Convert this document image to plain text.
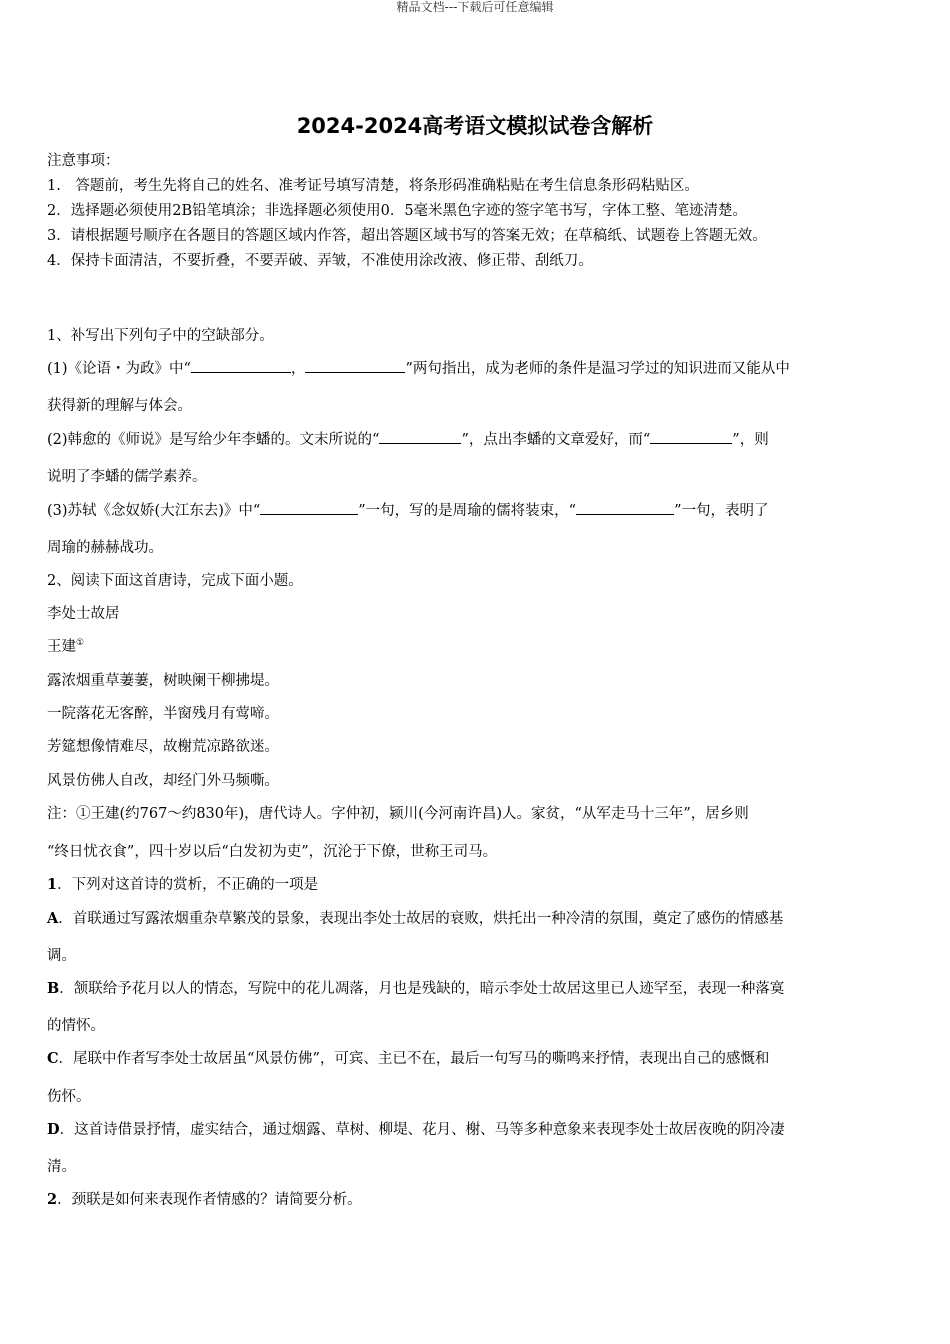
精品文档---下载后可任意编辑
2024-2024高考语文模拟试卷含解析
注意事项：
1.　答题前，考生先将自己的姓名、准考证号填写清楚，将条形码准确粘贴在考生信息条形码粘贴区。
2．选择题必须使用2B铅笔填涂；非选择题必须使用0．5毫米黑色字迹的签字笔书写，字体工整、笔迹清楚。
3．请根据题号顺序在各题目的答题区域内作答，超出答题区域书写的答案无效；在草稿纸、试题卷上答题无效。
4．保持卡面清洁，不要折叠，不要弄破、弄皱，不准使用涂改液、修正带、刮纸刀。
1、补写出下列句子中的空缺部分。
(1)《论语・为政》中“	，	”两句指出，成为老师的条件是温习学过的知识进而又能从中
获得新的理解与体会。
(2)韩愈的《师说》是写给少年李蟠的。文末所说的“	”，点出李蟠的文章爱好，而“	”，则
说明了李蟠的儒学素养。
(3)苏轼《念奴娇(大江东去)》中“	”一句，写的是周瑜的儒将装束，“	”一句，表明了
周瑜的赫赫战功。
2、阅读下面这首唐诗，完成下面小题。
李处士故居
王建①
露浓烟重草萋萋，树映阑干柳拂堤。
一院落花无客醉，半窗残月有莺啼。
芳筵想像情难尽，故榭荒凉路欲迷。
风景仿佛人自改，却经门外马频嘶。
注：①王建(约767～约830年)，唐代诗人。字仲初，颍川(今河南许昌)人。家贫，“从军走马十三年”，居乡则
“终日忧衣食”，四十岁以后“白发初为吏”，沉沦于下僚，世称王司马。
1．下列对这首诗的赏析，不正确的一项是
A．首联通过写露浓烟重杂草繁茂的景象，表现出李处士故居的衰败，烘托出一种冷清的氛围，奠定了感伤的情感基
调。
B．颔联给予花月以人的情态，写院中的花儿凋落，月也是残缺的，暗示李处士故居这里已人迹罕至，表现一种落寞
的情怀。
C．尾联中作者写李处士故居虽“风景仿佛”，可宾、主已不在，最后一句写马的嘶鸣来抒情，表现出自己的感慨和
伤怀。
D．这首诗借景抒情，虚实结合，通过烟露、草树、柳堤、花月、榭、马等多种意象来表现李处士故居夜晚的阴冷凄
清。
2．颈联是如何来表现作者情感的？请简要分析。
